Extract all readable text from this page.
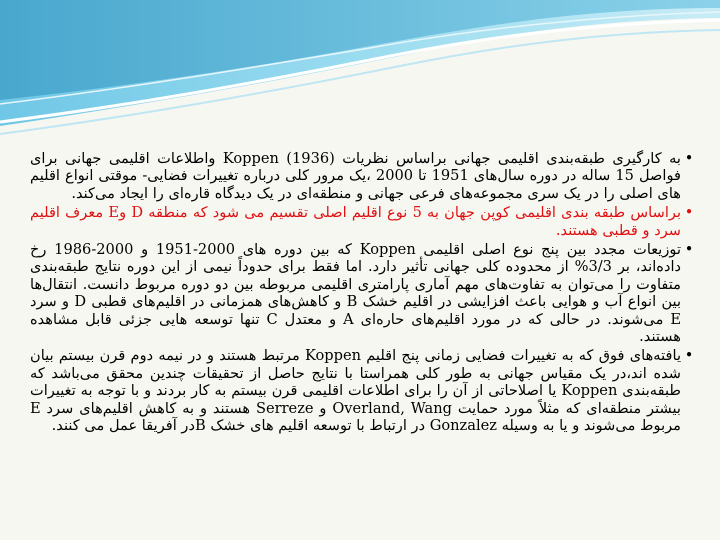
•
به کارگیری طبقه‌بندی اقلیمی جهانی براساس نظریات Koppen (1936) واطلاعات اقلیمی جهانی برای فواصل 15 ساله در دوره سال‌های 1951 تا 2000 ،یک مرور کلی درباره تغییرات فضایی- موقتی انواع اقلیم های اصلی را در یک سری مجموعه‌های فرعی جهانی و منطقه‌ای در یک دیدگاه قاره‌ای را ایجاد می‌کند.

•
براساس طبقه بندی اقلیمی کوپن جهان به 5 نوع اقلیم اصلی تقسیم می شود که منطقه D وE معرف اقلیم سرد و قطبی هستند.

•
توزیعات مجدد بین پنج نوع اصلی اقلیمی Koppen که بین دوره های 2000-1951 و 2000-1986 رخ داده‌اند، بر 3/3% از محدوده کلی جهانی تأثیر دارد. اما فقط برای حدوداً نیمی از این دوره نتایج طبقه‌بندی متفاوت را می‌توان به تفاوت‌های مهم آماری پارامتری اقلیمی مربوطه بین دو دوره مربوط دانست. انتقال‌ها بین انواع آب و هوایی باعث افزایشی در اقلیم خشک B و کاهش‌های همزمانی در اقلیم‌های قطبی D و سرد E می‌شوند. در حالی که در مورد اقلیم‌های حاره‌ای A و معتدل C تنها توسعه هایی جزئی قابل مشاهده هستند.

•
یافته‌های فوق که به تغییرات فضایی زمانی پنج اقلیم Koppen مرتبط هستند و در نیمه دوم قرن بیستم بیان شده اند،در یک مقیاس جهانی به طور کلی همراستا با نتایج حاصل از تحقیقات چندین محقق می‌باشد که طبقه‌بندی Koppen یا اصلاحاتی از آن را برای اطلاعات اقلیمی قرن بیستم به کار بردند و با توجه به تغییرات بیشتر منطقه‌ای که مثلاً مورد حمایت Overland, Wang و Serreze هستند و به کاهش اقلیم‌های سرد E مربوط می‌شوند و یا به وسیله Gonzalez در ارتباط با توسعه اقلیم های خشک Bدر آفریقا عمل می کنند.
